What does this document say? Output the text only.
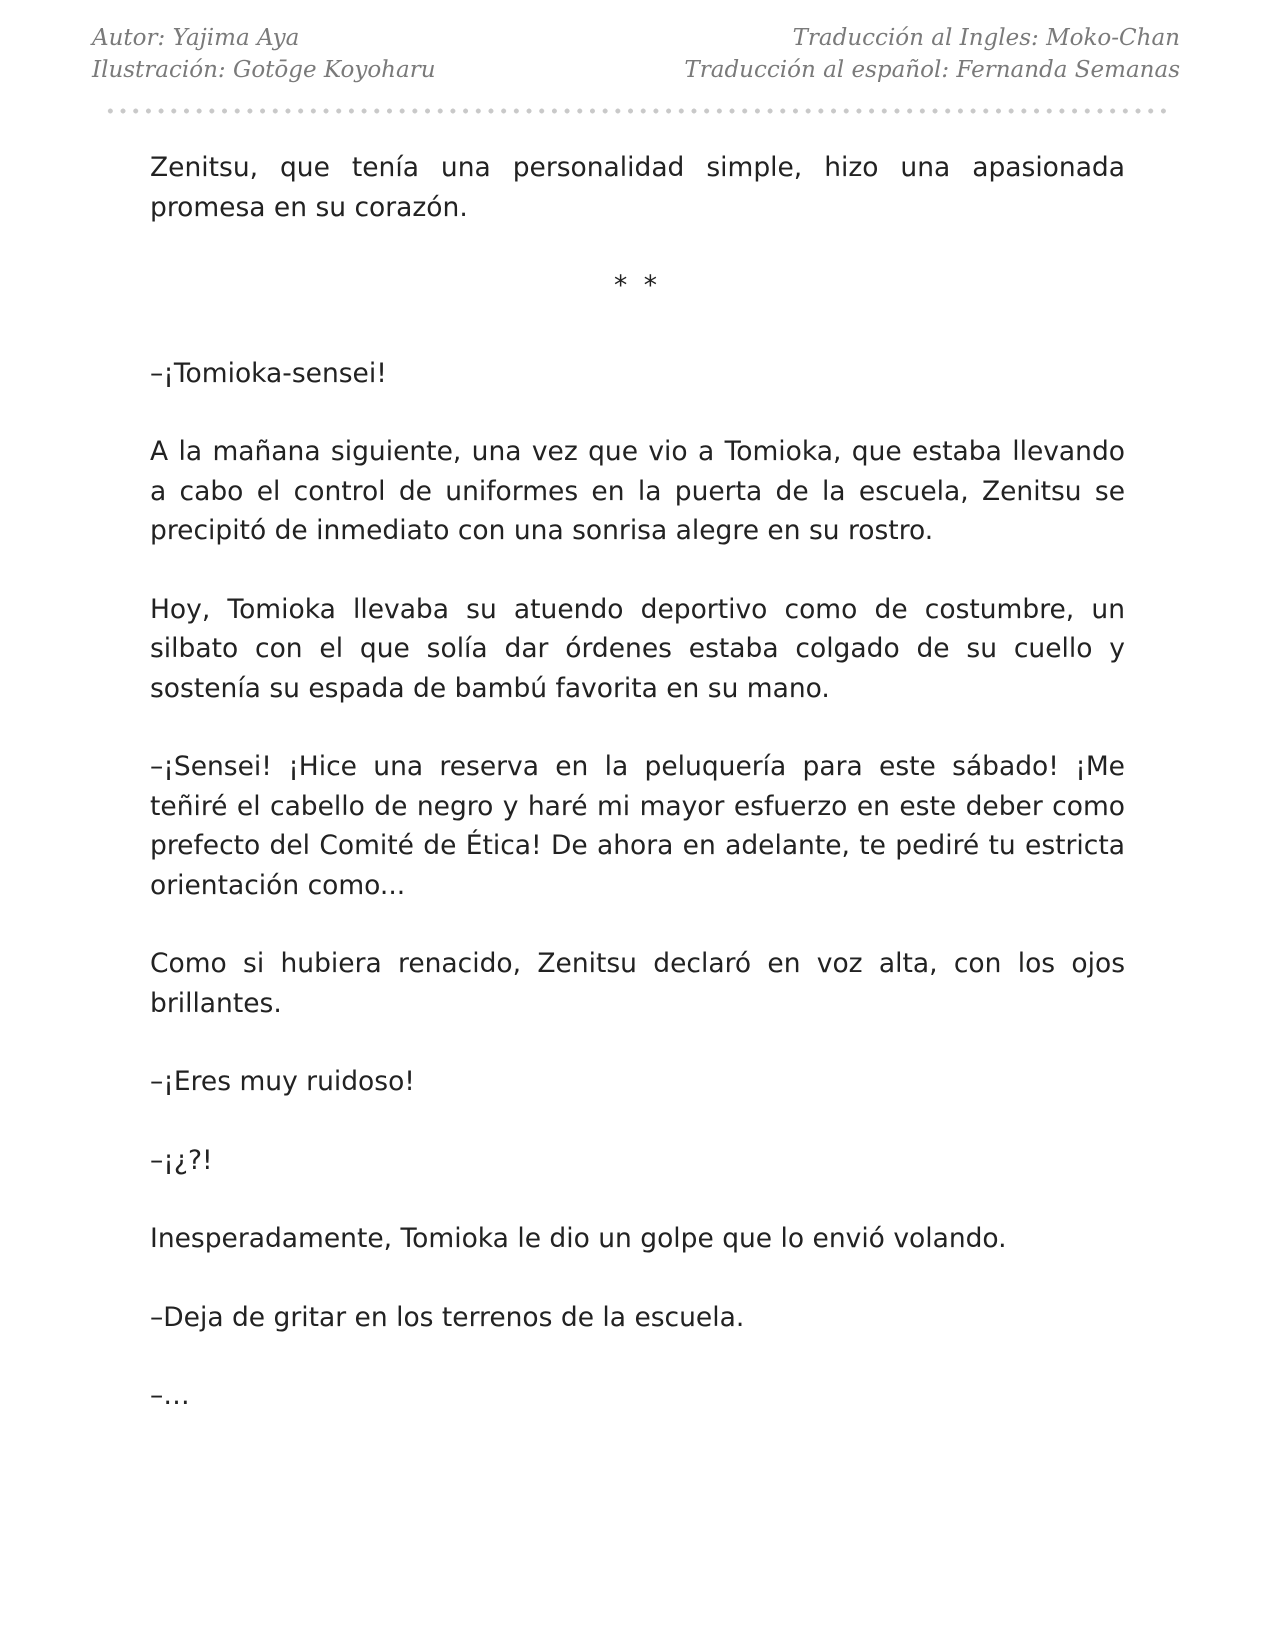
Autor: Yajima Aya
Ilustración: Gotōge Koyoharu
Traducción al Ingles: Moko-Chan
Traducción al español: Fernanda Semanas

Zenitsu, que tenía una personalidad simple, hizo una apasionada promesa en su corazón.

* *

–¡Tomioka-sensei!

A la mañana siguiente, una vez que vio a Tomioka, que estaba llevando a cabo el control de uniformes en la puerta de la escuela, Zenitsu se precipitó de inmediato con una sonrisa alegre en su rostro.

Hoy, Tomioka llevaba su atuendo deportivo como de costumbre, un silbato con el que solía dar órdenes estaba colgado de su cuello y sostenía su espada de bambú favorita en su mano.

–¡Sensei! ¡Hice una reserva en la peluquería para este sábado! ¡Me teñiré el cabello de negro y haré mi mayor esfuerzo en este deber como prefecto del Comité de Ética! De ahora en adelante, te pediré tu estricta orientación como...

Como si hubiera renacido, Zenitsu declaró en voz alta, con los ojos brillantes.

–¡Eres muy ruidoso!

–¡¿?!

Inesperadamente, Tomioka le dio un golpe que lo envió volando.

–Deja de gritar en los terrenos de la escuela.

–…
